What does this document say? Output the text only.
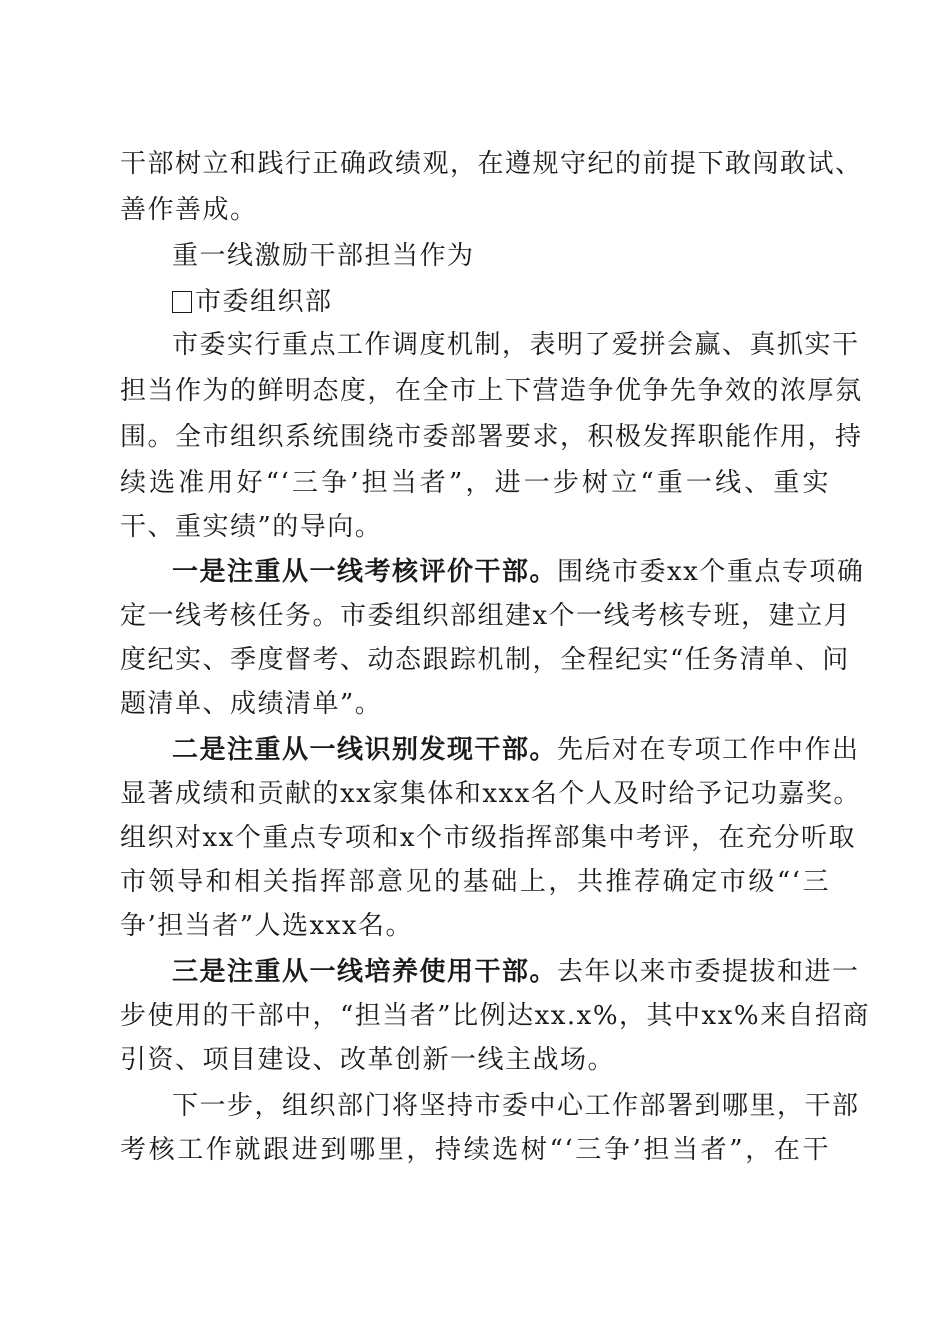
干部树立和践行正确政绩观，在遵规守纪的前提下敢闯敢试、
善作善成。
重一线激励干部担当作为
市委组织部
市委实行重点工作调度机制，表明了爱拼会赢、真抓实干
担当作为的鲜明态度，在全市上下营造争优争先争效的浓厚氛
围。全市组织系统围绕市委部署要求，积极发挥职能作用，持
续选准用好“‘三争’担当者”，进一步树立“重一线、重实
干、重实绩”的导向。
一是注重从一线考核评价干部。围绕市委xx个重点专项确
定一线考核任务。市委组织部组建x个一线考核专班，建立月
度纪实、季度督考、动态跟踪机制，全程纪实“任务清单、问
题清单、成绩清单”。
二是注重从一线识别发现干部。先后对在专项工作中作出
显著成绩和贡献的xx家集体和xxx名个人及时给予记功嘉奖。
组织对xx个重点专项和x个市级指挥部集中考评，在充分听取
市领导和相关指挥部意见的基础上，共推荐确定市级“‘三
争’担当者”人选xxx名。
三是注重从一线培养使用干部。去年以来市委提拔和进一
步使用的干部中，“担当者”比例达xx.x%，其中xx%来自招商
引资、项目建设、改革创新一线主战场。
下一步，组织部门将坚持市委中心工作部署到哪里，干部
考核工作就跟进到哪里，持续选树“‘三争’担当者”，在干
